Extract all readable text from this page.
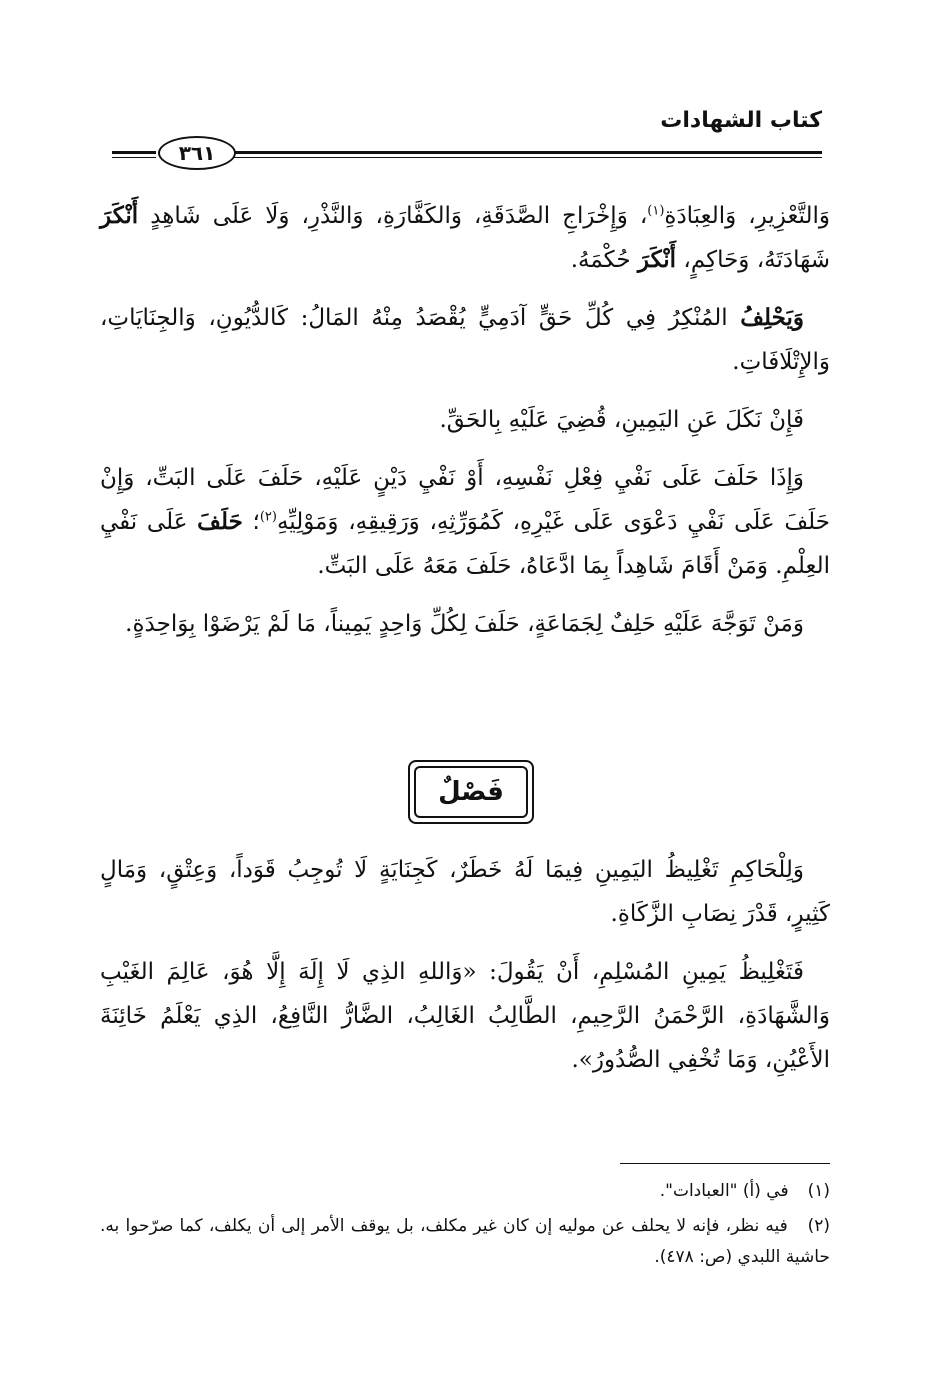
كتاب الشهادات
٣٦١

وَالتَّعْزِيرِ، وَالعِبَادَةِ$^{(١)}$، وَإِخْرَاجِ الصَّدَقَةِ، وَالكَفَّارَةِ، وَالنَّذْرِ، وَلَا عَلَى شَاهِدٍ أَنْكَرَ شَهَادَتَهُ، وَحَاكِمٍ، أَنْكَرَ حُكْمَهُ.

وَيَحْلِفُ المُنْكِرُ فِي كُلِّ حَقٍّ آدَمِيٍّ يُقْصَدُ مِنْهُ المَالُ: كَالدُّيُونِ، وَالجِنَايَاتِ، وَالإِتْلَافَاتِ.

فَإِنْ نَكَلَ عَنِ اليَمِينِ، قُضِيَ عَلَيْهِ بِالحَقِّ.

وَإِذَا حَلَفَ عَلَى نَفْيِ فِعْلِ نَفْسِهِ، أَوْ نَفْيِ دَيْنٍ عَلَيْهِ، حَلَفَ عَلَى البَتِّ، وَإِنْ حَلَفَ عَلَى نَفْيِ دَعْوَى عَلَى غَيْرِهِ، كَمُوَرِّثِهِ، وَرَقِيقِهِ، وَمَوْلِيِّهِ$^{(٢)}$؛ حَلَفَ عَلَى نَفْيِ العِلْمِ. وَمَنْ أَقَامَ شَاهِداً بِمَا ادَّعَاهُ، حَلَفَ مَعَهُ عَلَى البَتِّ.

وَمَنْ تَوَجَّهَ عَلَيْهِ حَلِفٌ لِجَمَاعَةٍ، حَلَفَ لِكُلِّ وَاحِدٍ يَمِيناً، مَا لَمْ يَرْضَوْا بِوَاحِدَةٍ.

فَصْلٌ

وَلِلْحَاكِمِ تَغْلِيظُ اليَمِينِ فِيمَا لَهُ خَطَرٌ، كَجِنَايَةٍ لَا تُوجِبُ قَوَداً، وَعِتْقٍ، وَمَالٍ كَثِيرٍ، قَدْرَ نِصَابِ الزَّكَاةِ.

فَتَغْلِيظُ يَمِينِ المُسْلِمِ، أَنْ يَقُولَ: «وَاللهِ الذِي لَا إِلَهَ إِلَّا هُوَ، عَالِمَ الغَيْبِ وَالشَّهَادَةِ، الرَّحْمَنُ الرَّحِيمِ، الطَّالِبُ الغَالِبُ، الضَّارُّ النَّافِعُ، الذِي يَعْلَمُ خَائِنَةَ الأَعْيُنِ، وَمَا تُخْفِي الصُّدُورُ».

(١) في (أ) "العبادات".

(٢) فيه نظر، فإنه لا يحلف عن موليه إن كان غير مكلف، بل يوقف الأمر إلى أن يكلف، كما صرّحوا به. حاشية اللبدي (ص: ٤٧٨).
